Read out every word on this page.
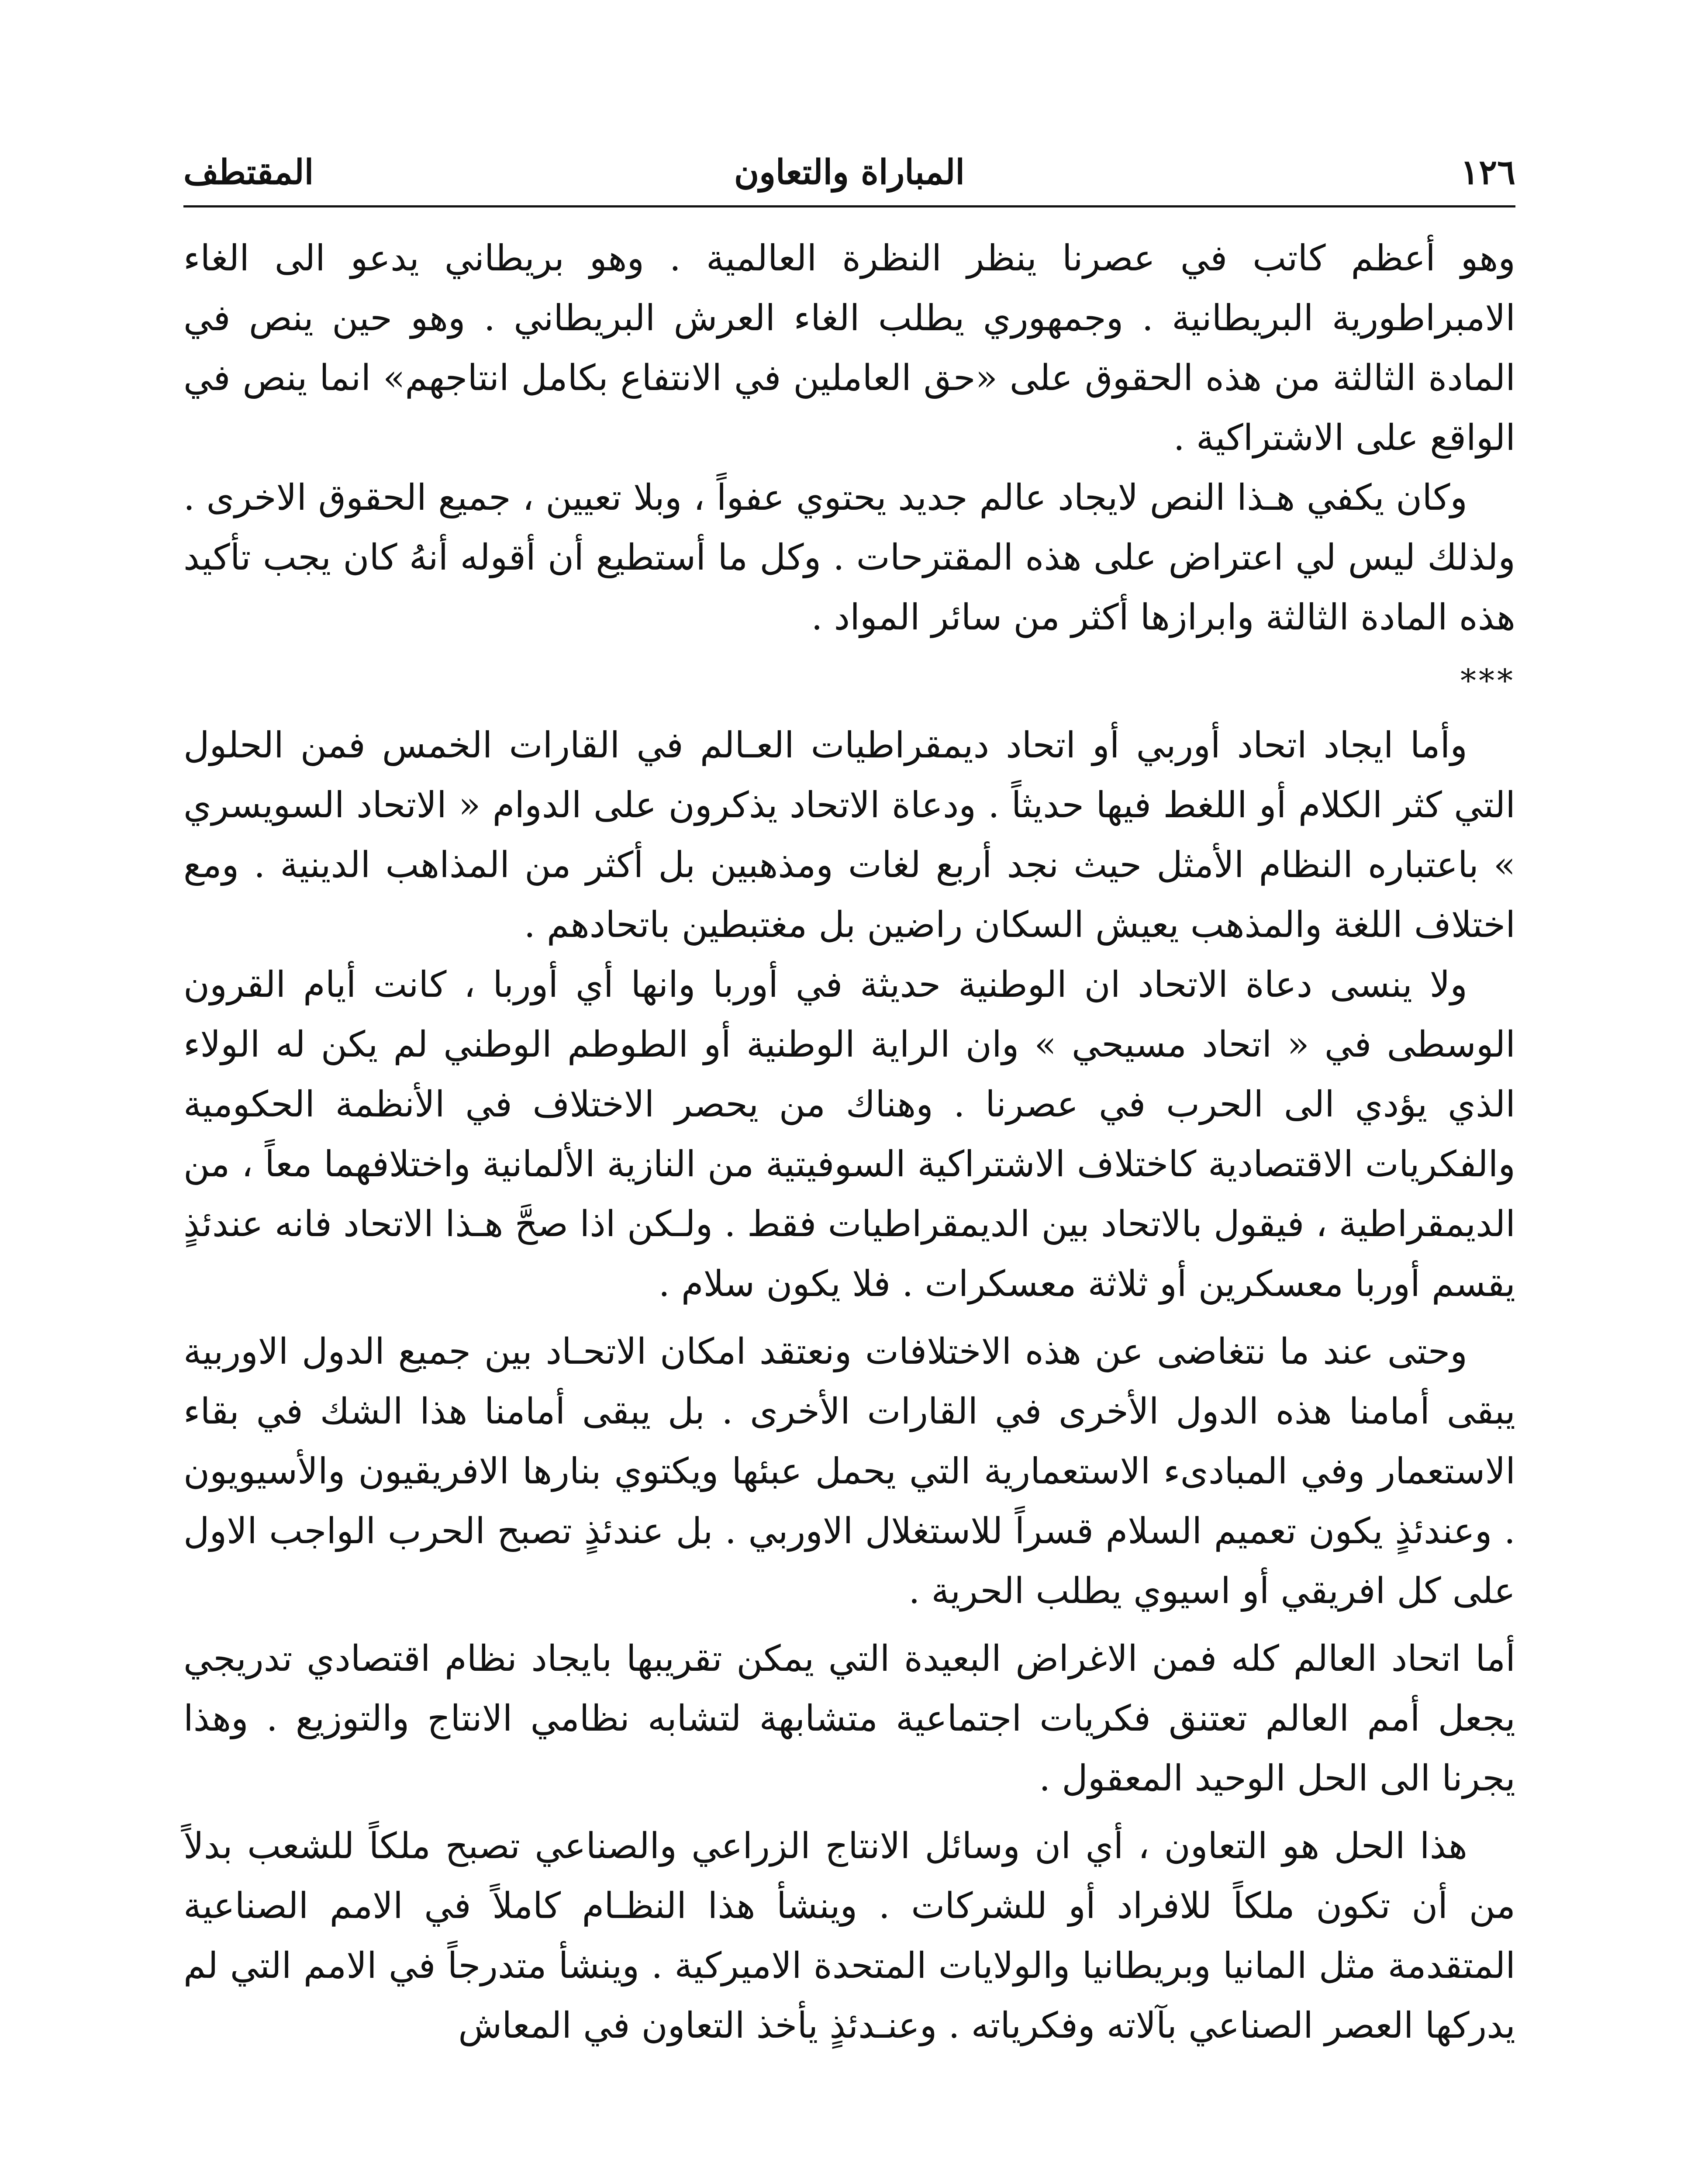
١٢٦
المباراة والتعاون
المقتطف

وهو أعظم كاتب في عصرنا ينظر النظرة العالمية . وهو بريطاني يدعو الى الغاء الامبراطورية البريطانية . وجمهوري يطلب الغاء العرش البريطاني . وهو حين ينص في المادة الثالثة من هذه الحقوق على «حق العاملين في الانتفاع بكامل انتاجهم» انما ينص في الواقع على الاشتراكية .

وكان يكفي هـذا النص لايجاد عالم جديد يحتوي عفواً ، وبلا تعيين ، جميع الحقوق الاخرى . ولذلك ليس لي اعتراض على هذه المقترحات . وكل ما أستطيع أن أقوله أنهُ كان يجب تأكيد هذه المادة الثالثة وابرازها أكثر من سائر المواد .

***

وأما ايجاد اتحاد أوربي أو اتحاد ديمقراطيات العـالم في القارات الخمس فمن الحلول التي كثر الكلام أو اللغط فيها حديثاً . ودعاة الاتحاد يذكرون على الدوام « الاتحاد السويسري » باعتباره النظام الأمثل حيث نجد أربع لغات ومذهبين بل أكثر من المذاهب الدينية . ومع اختلاف اللغة والمذهب يعيش السكان راضين بل مغتبطين باتحادهم .

ولا ينسى دعاة الاتحاد ان الوطنية حديثة في أوربا وانها أي أوربا ، كانت أيام القرون الوسطى في « اتحاد مسيحي » وان الراية الوطنية أو الطوطم الوطني لم يكن له الولاء الذي يؤدي الى الحرب في عصرنا . وهناك من يحصر الاختلاف في الأنظمة الحكومية والفكريات الاقتصادية كاختلاف الاشتراكية السوفيتية من النازية الألمانية واختلافهما معاً ، من الديمقراطية ، فيقول بالاتحاد بين الديمقراطيات فقط . ولـكن اذا صحَّ هـذا الاتحاد فانه عندئذٍ يقسم أوربا معسكرين أو ثلاثة معسكرات . فلا يكون سلام .

وحتى عند ما نتغاضى عن هذه الاختلافات ونعتقد امكان الاتحـاد بين جميع الدول الاوربية يبقى أمامنا هذه الدول الأخرى في القارات الأخرى . بل يبقى أمامنا هذا الشك في بقاء الاستعمار وفي المبادىء الاستعمارية التي يحمل عبئها ويكتوي بنارها الافريقيون والأسيويون . وعندئذٍ يكون تعميم السلام قسراً للاستغلال الاوربي . بل عندئذٍ تصبح الحرب الواجب الاول على كل افريقي أو اسيوي يطلب الحرية .

أما اتحاد العالم كله فمن الاغراض البعيدة التي يمكن تقريبها بايجاد نظام اقتصادي تدريجي يجعل أمم العالم تعتنق فكريات اجتماعية متشابهة لتشابه نظامي الانتاج والتوزيع . وهذا يجرنا الى الحل الوحيد المعقول .

هذا الحل هو التعاون ، أي ان وسائل الانتاج الزراعي والصناعي تصبح ملكاً للشعب بدلاً من أن تكون ملكاً للافراد أو للشركات . وينشأ هذا النظـام كاملاً في الامم الصناعية المتقدمة مثل المانيا وبريطانيا والولايات المتحدة الاميركية . وينشأ متدرجاً في الامم التي لم يدركها العصر الصناعي بآلاته وفكرياته . وعنـدئذٍ يأخذ التعاون في المعاش
